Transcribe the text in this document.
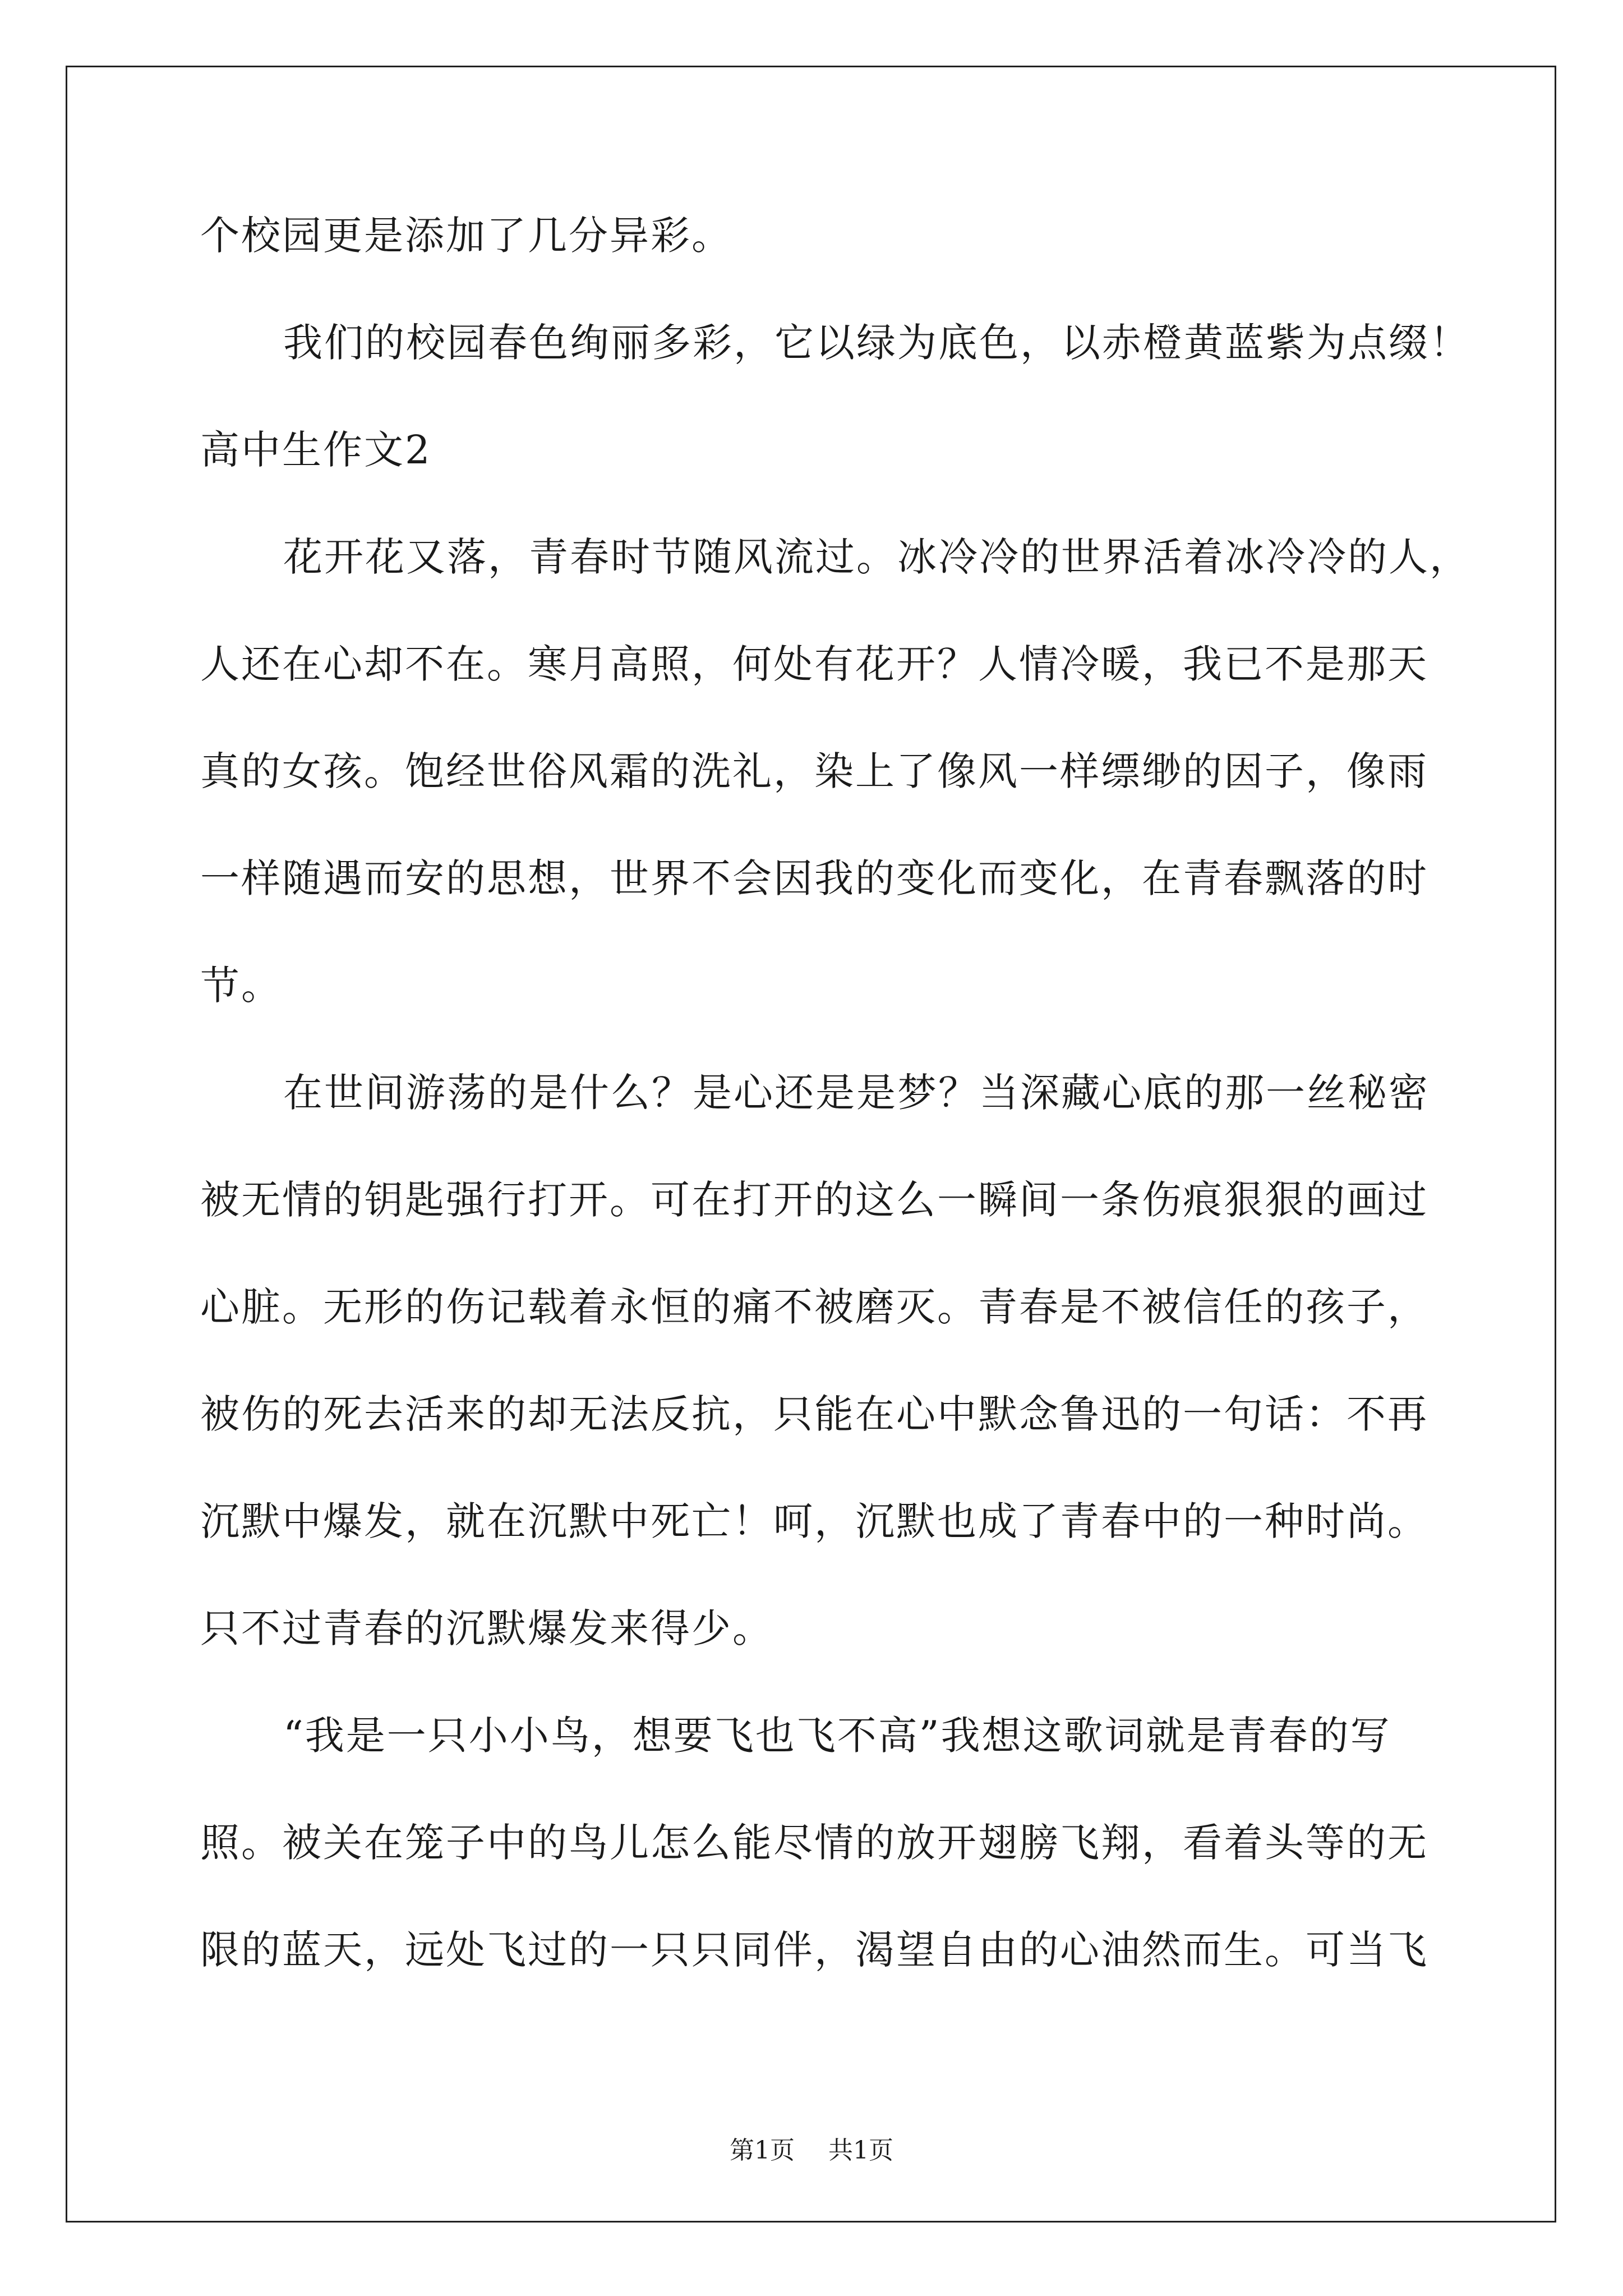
个校园更是添加了几分异彩。

我们的校园春色绚丽多彩，它以绿为底色，以赤橙黄蓝紫为点缀！

高中生作文2

花开花又落，青春时节随风流过。冰冷冷的世界活着冰冷冷的人，

人还在心却不在。寒月高照，何处有花开？人情冷暖，我已不是那天

真的女孩。饱经世俗风霜的洗礼，染上了像风一样缥缈的因子，像雨

一样随遇而安的思想，世界不会因我的变化而变化，在青春飘落的时

节。

在世间游荡的是什么？是心还是是梦？当深藏心底的那一丝秘密

被无情的钥匙强行打开。可在打开的这么一瞬间一条伤痕狠狠的画过

心脏。无形的伤记载着永恒的痛不被磨灭。青春是不被信任的孩子，

被伤的死去活来的却无法反抗，只能在心中默念鲁迅的一句话：不再

沉默中爆发，就在沉默中死亡！呵，沉默也成了青春中的一种时尚。

只不过青春的沉默爆发来得少。

“我是一只小小鸟，想要飞也飞不高”我想这歌词就是青春的写

照。被关在笼子中的鸟儿怎么能尽情的放开翅膀飞翔，看着头等的无

限的蓝天，远处飞过的一只只同伴，渴望自由的心油然而生。可当飞

第1页 共1页
